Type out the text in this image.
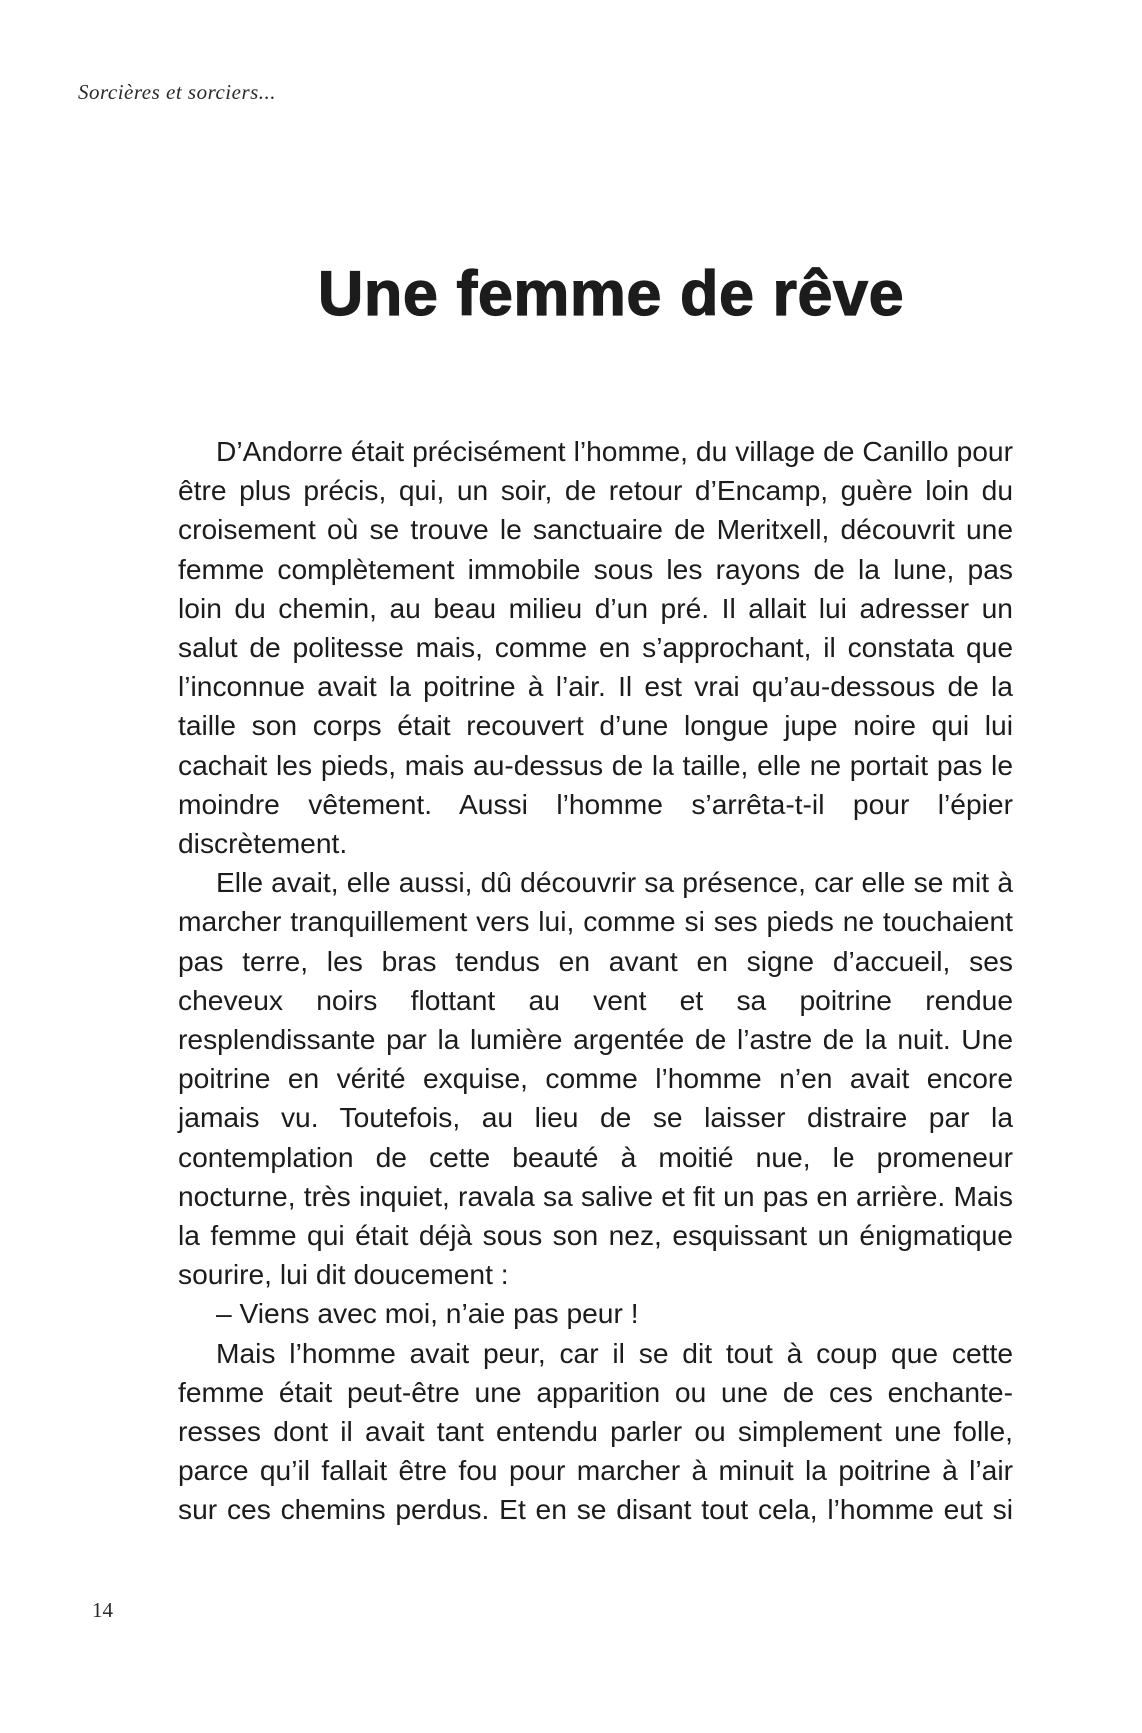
Sorcières et sorciers...
Une femme de rêve

D’Andorre était précisément l’homme, du village de Canillo pour être plus précis, qui, un soir, de retour d’Encamp, guère loin du croisement où se trouve le sanctuaire de Meritxell, découvrit une femme complètement immobile sous les rayons de la lune, pas loin du chemin, au beau milieu d’un pré. Il allait lui adresser un salut de politesse mais, comme en s’approchant, il constata que l’inconnue avait la poitrine à l’air. Il est vrai qu’au-dessous de la taille son corps était recouvert d’une longue jupe noire qui lui cachait les pieds, mais au-dessus de la taille, elle ne portait pas le moindre vêtement. Aussi l’homme s’arrêta-t-il pour l’épier discrètement.

Elle avait, elle aussi, dû découvrir sa présence, car elle se mit à marcher tranquillement vers lui, comme si ses pieds ne touchaient pas terre, les bras tendus en avant en signe d’accueil, ses cheveux noirs flottant au vent et sa poitrine rendue resplendissante par la lumière argentée de l’astre de la nuit. Une poitrine en vérité exquise, comme l’homme n’en avait encore jamais vu. Toutefois, au lieu de se laisser distraire par la contemplation de cette beauté à moitié nue, le promeneur nocturne, très inquiet, ravala sa salive et fit un pas en arrière. Mais la femme qui était déjà sous son nez, esquissant un énigmatique sourire, lui dit doucement :

– Viens avec moi, n’aie pas peur !

Mais l’homme avait peur, car il se dit tout à coup que cette femme était peut-être une apparition ou une de ces enchante-resses dont il avait tant entendu parler ou simplement une folle, parce qu’il fallait être fou pour marcher à minuit la poitrine à l’air sur ces chemins perdus. Et en se disant tout cela, l’homme eut si

14
